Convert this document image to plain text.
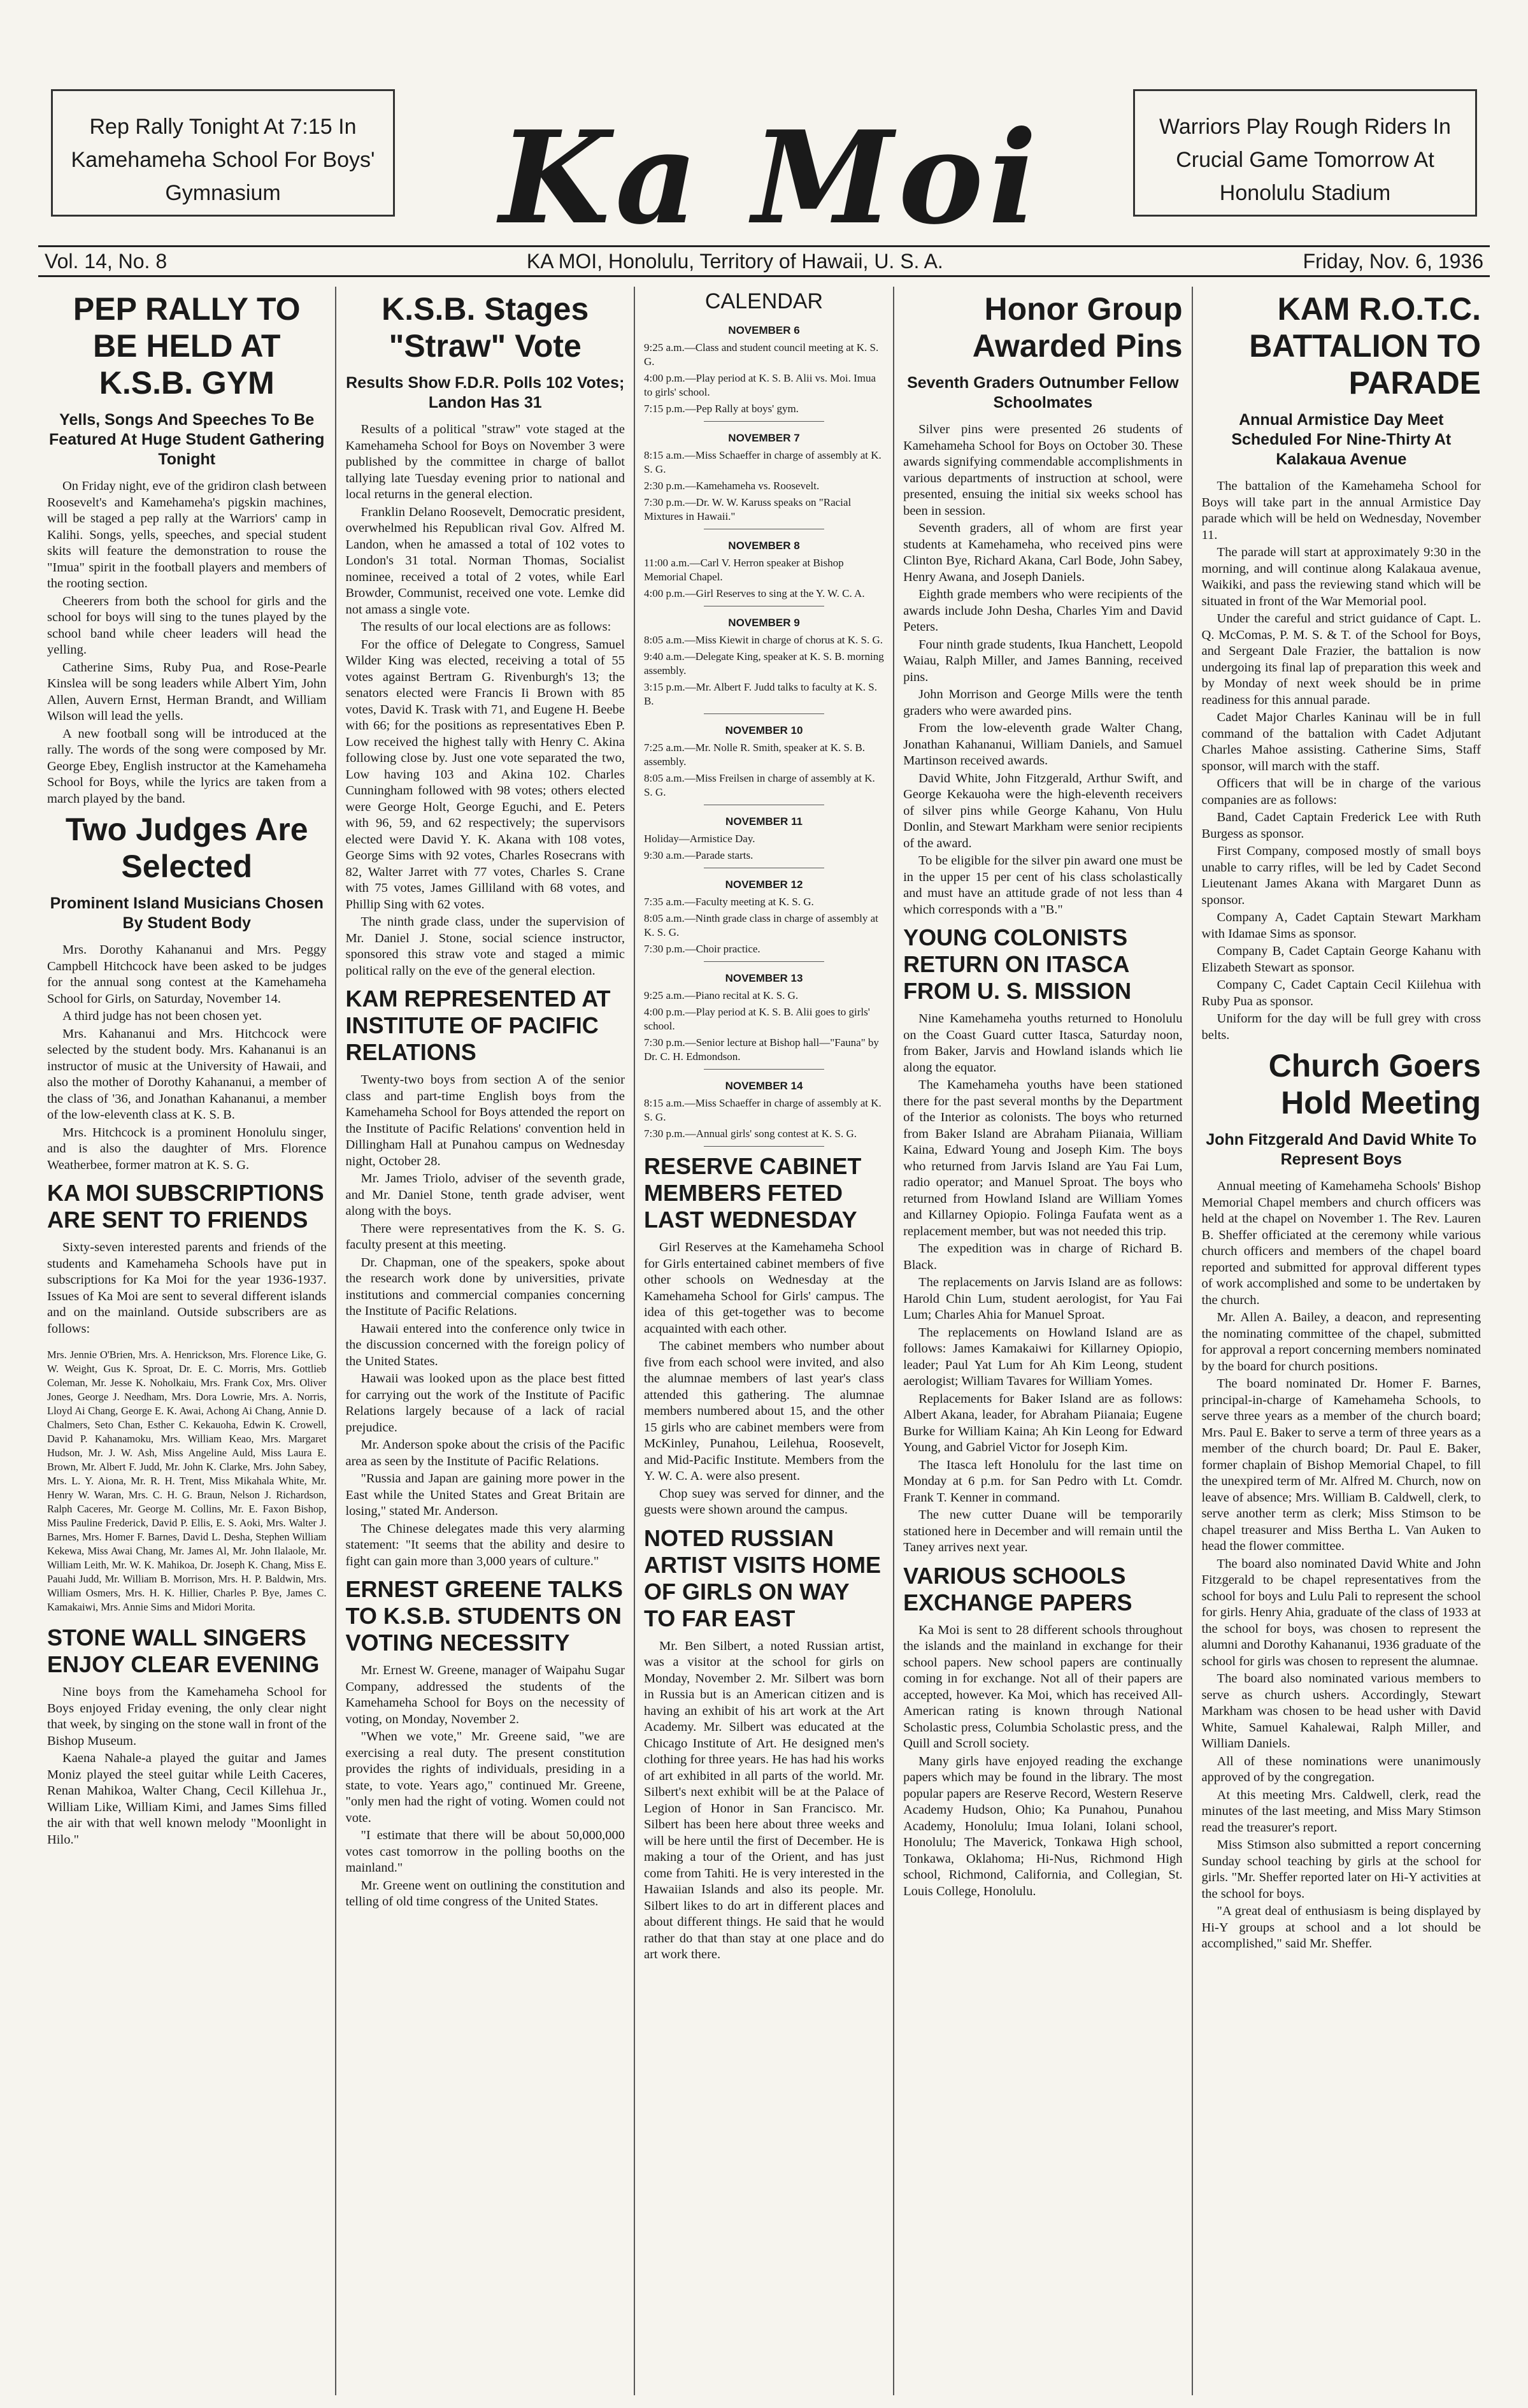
Rep Rally Tonight At 7:15 In Kamehameha School For Boys' Gymnasium	Ka Moi	Warriors Play Rough Riders In Crucial Game Tomorrow At Honolulu Stadium
Vol. 14, No. 8	KA MOI, Honolulu, Territory of Hawaii, U. S. A.	Friday, Nov. 6, 1936
PEP RALLY TO BE HELD AT K.S.B. GYM
Yells, Songs And Speeches To Be Featured At Huge Student Gathering Tonight

On Friday night, eve of the gridiron clash between Roosevelt's and Kamehameha's pigskin machines, will be staged a pep rally at the Warriors' camp in Kalihi. Songs, yells, speeches, and special student skits will feature the demonstration to rouse the "Imua" spirit in the football players and members of the rooting section.

Cheerers from both the school for girls and the school for boys will sing to the tunes played by the school band while cheer leaders will head the yelling.

Catherine Sims, Ruby Pua, and Rose-Pearle Kinslea will be song leaders while Albert Yim, John Allen, Auvern Ernst, Herman Brandt, and William Wilson will lead the yells.

A new football song will be introduced at the rally. The words of the song were composed by Mr. George Ebey, English instructor at the Kamehameha School for Boys, while the lyrics are taken from a march played by the band.

Two Judges Are Selected
Prominent Island Musicians Chosen By Student Body

Mrs. Dorothy Kahananui and Mrs. Peggy Campbell Hitchcock have been asked to be judges for the annual song contest at the Kamehameha School for Girls, on Saturday, November 14.

A third judge has not been chosen yet.

Mrs. Kahananui and Mrs. Hitchcock were selected by the student body. Mrs. Kahananui is an instructor of music at the University of Hawaii, and also the mother of Dorothy Kahananui, a member of the class of '36, and Jonathan Kahananui, a member of the low-eleventh class at K. S. B.

Mrs. Hitchcock is a prominent Honolulu singer, and is also the daughter of Mrs. Florence Weatherbee, former matron at K. S. G.

KA MOI SUBSCRIPTIONS ARE SENT TO FRIENDS

Sixty-seven interested parents and friends of the students and Kamehameha Schools have put in subscriptions for Ka Moi for the year 1936-1937. Issues of Ka Moi are sent to several different islands and on the mainland. Outside subscribers are as follows:

Mrs. Jennie O'Brien, Mrs. A. Henrickson, Mrs. Florence Like, G. W. Weight, Gus K. Sproat, Dr. E. C. Morris, Mrs. Gottlieb Coleman, Mr. Jesse K. Noholkaiu, Mrs. Frank Cox, Mrs. Oliver Jones, George J. Needham, Mrs. Dora Lowrie, Mrs. A. Norris, Lloyd Ai Chang, George E. K. Awai, Achong Ai Chang, Annie D. Chalmers, Seto Chan, Esther C. Kekauoha, Edwin K. Crowell, David P. Kahanamoku, Mrs. William Keao, Mrs. Margaret Hudson, Mr. J. W. Ash, Miss Angeline Auld, Miss Laura E. Brown, Mr. Albert F. Judd, Mr. John K. Clarke, Mrs. John Sabey, Mrs. L. Y. Aiona, Mr. R. H. Trent, Miss Mikahala White, Mr. Henry W. Waran, Mrs. C. H. G. Braun, Nelson J. Richardson, Ralph Caceres, Mr. George M. Collins, Mr. E. Faxon Bishop, Miss Pauline Frederick, David P. Ellis, E. S. Aoki, Mrs. Walter J. Barnes, Mrs. Homer F. Barnes, David L. Desha, Stephen William Kekewa, Miss Awai Chang, Mr. James Al, Mr. John Ilalaole, Mr. William Leith, Mr. W. K. Mahikoa, Dr. Joseph K. Chang, Miss E. Pauahi Judd, Mr. William B. Morrison, Mrs. H. P. Baldwin, Mrs. William Osmers, Mrs. H. K. Hillier, Charles P. Bye, James C. Kamakaiwi, Mrs. Annie Sims and Midori Morita.

STONE WALL SINGERS ENJOY CLEAR EVENING

Nine boys from the Kamehameha School for Boys enjoyed Friday evening, the only clear night that week, by singing on the stone wall in front of the Bishop Museum.

Kaena Nahale-a played the guitar and James Moniz played the steel guitar while Leith Caceres, Renan Mahikoa, Walter Chang, Cecil Killehua Jr., William Like, William Kimi, and James Sims filled the air with that well known melody "Moonlight in Hilo."

K.S.B. Stages "Straw" Vote
Results Show F.D.R. Polls 102 Votes; Landon Has 31

Results of a political "straw" vote staged at the Kamehameha School for Boys on November 3 were published by the committee in charge of ballot tallying late Tuesday evening prior to national and local returns in the general election.

Franklin Delano Roosevelt, Democratic president, overwhelmed his Republican rival Gov. Alfred M. Landon, when he amassed a total of 102 votes to London's 31 total. Norman Thomas, Socialist nominee, received a total of 2 votes, while Earl Browder, Communist, received one vote. Lemke did not amass a single vote.

The results of our local elections are as follows:

For the office of Delegate to Congress, Samuel Wilder King was elected, receiving a total of 55 votes against Bertram G. Rivenburgh's 13; the senators elected were Francis Ii Brown with 85 votes, David K. Trask with 71, and Eugene H. Beebe with 66; for the positions as representatives Eben P. Low received the highest tally with Henry C. Akina following close by. Just one vote separated the two, Low having 103 and Akina 102. Charles Cunningham followed with 98 votes; others elected were George Holt, George Eguchi, and E. Peters with 96, 59, and 62 respectively; the supervisors elected were David Y. K. Akana with 108 votes, George Sims with 92 votes, Charles Rosecrans with 82, Walter Jarret with 77 votes, Charles S. Crane with 75 votes, James Gilliland with 68 votes, and Phillip Sing with 62 votes.

The ninth grade class, under the supervision of Mr. Daniel J. Stone, social science instructor, sponsored this straw vote and staged a mimic political rally on the eve of the general election.

KAM REPRESENTED AT INSTITUTE OF PACIFIC RELATIONS

Twenty-two boys from section A of the senior class and part-time English boys from the Kamehameha School for Boys attended the report on the Institute of Pacific Relations' convention held in Dillingham Hall at Punahou campus on Wednesday night, October 28.

Mr. James Triolo, adviser of the seventh grade, and Mr. Daniel Stone, tenth grade adviser, went along with the boys.

There were representatives from the K. S. G. faculty present at this meeting.

Dr. Chapman, one of the speakers, spoke about the research work done by universities, private institutions and commercial companies concerning the Institute of Pacific Relations.

Hawaii entered into the conference only twice in the discussion concerned with the foreign policy of the United States.

Hawaii was looked upon as the place best fitted for carrying out the work of the Institute of Pacific Relations largely because of a lack of racial prejudice.

Mr. Anderson spoke about the crisis of the Pacific area as seen by the Institute of Pacific Relations.

"Russia and Japan are gaining more power in the East while the United States and Great Britain are losing," stated Mr. Anderson.

The Chinese delegates made this very alarming statement: "It seems that the ability and desire to fight can gain more than 3,000 years of culture."

ERNEST GREENE TALKS TO K.S.B. STUDENTS ON VOTING NECESSITY

Mr. Ernest W. Greene, manager of Waipahu Sugar Company, addressed the students of the Kamehameha School for Boys on the necessity of voting, on Monday, November 2.

"When we vote," Mr. Greene said, "we are exercising a real duty. The present constitution provides the rights of individuals, presiding in a state, to vote. Years ago," continued Mr. Greene, "only men had the right of voting. Women could not vote.

"I estimate that there will be about 50,000,000 votes cast tomorrow in the polling booths on the mainland."

Mr. Greene went on outlining the constitution and telling of old time congress of the United States.

CALENDAR
NOVEMBER 6
9:25 a.m.—Class and student council meeting at K. S. G.
4:00 p.m.—Play period at K. S. B. Alii vs. Moi. Imua to girls' school.
7:15 p.m.—Pep Rally at boys' gym.
NOVEMBER 7
8:15 a.m.—Miss Schaeffer in charge of assembly at K. S. G.
2:30 p.m.—Kamehameha vs. Roosevelt.
7:30 p.m.—Dr. W. W. Karuss speaks on "Racial Mixtures in Hawaii."
NOVEMBER 8
11:00 a.m.—Carl V. Herron speaker at Bishop Memorial Chapel.
4:00 p.m.—Girl Reserves to sing at the Y. W. C. A.
NOVEMBER 9
8:05 a.m.—Miss Kiewit in charge of chorus at K. S. G.
9:40 a.m.—Delegate King, speaker at K. S. B. morning assembly.
3:15 p.m.—Mr. Albert F. Judd talks to faculty at K. S. B.
NOVEMBER 10
7:25 a.m.—Mr. Nolle R. Smith, speaker at K. S. B. assembly.
8:05 a.m.—Miss Freilsen in charge of assembly at K. S. G.
NOVEMBER 11
Holiday—Armistice Day.
9:30 a.m.—Parade starts.
NOVEMBER 12
7:35 a.m.—Faculty meeting at K. S. G.
8:05 a.m.—Ninth grade class in charge of assembly at K. S. G.
7:30 p.m.—Choir practice.
NOVEMBER 13
9:25 a.m.—Piano recital at K. S. G.
4:00 p.m.—Play period at K. S. B. Alii goes to girls' school.
7:30 p.m.—Senior lecture at Bishop hall—"Fauna" by Dr. C. H. Edmondson.
NOVEMBER 14
8:15 a.m.—Miss Schaeffer in charge of assembly at K. S. G.
7:30 p.m.—Annual girls' song contest at K. S. G.
RESERVE CABINET MEMBERS FETED LAST WEDNESDAY

Girl Reserves at the Kamehameha School for Girls entertained cabinet members of five other schools on Wednesday at the Kamehameha School for Girls' campus. The idea of this get-together was to become acquainted with each other.

The cabinet members who number about five from each school were invited, and also the alumnae members of last year's class attended this gathering. The alumnae members numbered about 15, and the other 15 girls who are cabinet members were from McKinley, Punahou, Leilehua, Roosevelt, and Mid-Pacific Institute. Members from the Y. W. C. A. were also present.

Chop suey was served for dinner, and the guests were shown around the campus.

NOTED RUSSIAN ARTIST VISITS HOME OF GIRLS ON WAY TO FAR EAST

Mr. Ben Silbert, a noted Russian artist, was a visitor at the school for girls on Monday, November 2. Mr. Silbert was born in Russia but is an American citizen and is having an exhibit of his art work at the Art Academy. Mr. Silbert was educated at the Chicago Institute of Art. He designed men's clothing for three years. He has had his works of art exhibited in all parts of the world. Mr. Silbert's next exhibit will be at the Palace of Legion of Honor in San Francisco. Mr. Silbert has been here about three weeks and will be here until the first of December. He is making a tour of the Orient, and has just come from Tahiti. He is very interested in the Hawaiian Islands and also its people. Mr. Silbert likes to do art in different places and about different things. He said that he would rather do that than stay at one place and do art work there.

Honor Group Awarded Pins
Seventh Graders Outnumber Fellow Schoolmates

Silver pins were presented 26 students of Kamehameha School for Boys on October 30. These awards signifying commendable accomplishments in various departments of instruction at school, were presented, ensuing the initial six weeks school has been in session.

Seventh graders, all of whom are first year students at Kamehameha, who received pins were Clinton Bye, Richard Akana, Carl Bode, John Sabey, Henry Awana, and Joseph Daniels.

Eighth grade members who were recipients of the awards include John Desha, Charles Yim and David Peters.

Four ninth grade students, Ikua Hanchett, Leopold Waiau, Ralph Miller, and James Banning, received pins.

John Morrison and George Mills were the tenth graders who were awarded pins.

From the low-eleventh grade Walter Chang, Jonathan Kahananui, William Daniels, and Samuel Martinson received awards.

David White, John Fitzgerald, Arthur Swift, and George Kekauoha were the high-eleventh receivers of silver pins while George Kahanu, Von Hulu Donlin, and Stewart Markham were senior recipients of the award.

To be eligible for the silver pin award one must be in the upper 15 per cent of his class scholastically and must have an attitude grade of not less than 4 which corresponds with a "B."

YOUNG COLONISTS RETURN ON ITASCA FROM U. S. MISSION

Nine Kamehameha youths returned to Honolulu on the Coast Guard cutter Itasca, Saturday noon, from Baker, Jarvis and Howland islands which lie along the equator.

The Kamehameha youths have been stationed there for the past several months by the Department of the Interior as colonists. The boys who returned from Baker Island are Abraham Piianaia, William Kaina, Edward Young and Joseph Kim. The boys who returned from Jarvis Island are Yau Fai Lum, radio operator; and Manuel Sproat. The boys who returned from Howland Island are William Yomes and Killarney Opiopio. Folinga Faufata went as a replacement member, but was not needed this trip.

The expedition was in charge of Richard B. Black.

The replacements on Jarvis Island are as follows: Harold Chin Lum, student aerologist, for Yau Fai Lum; Charles Ahia for Manuel Sproat.

The replacements on Howland Island are as follows: James Kamakaiwi for Killarney Opiopio, leader; Paul Yat Lum for Ah Kim Leong, student aerologist; William Tavares for William Yomes.

Replacements for Baker Island are as follows: Albert Akana, leader, for Abraham Piianaia; Eugene Burke for William Kaina; Ah Kin Leong for Edward Young, and Gabriel Victor for Joseph Kim.

The Itasca left Honolulu for the last time on Monday at 6 p.m. for San Pedro with Lt. Comdr. Frank T. Kenner in command.

The new cutter Duane will be temporarily stationed here in December and will remain until the Taney arrives next year.

VARIOUS SCHOOLS EXCHANGE PAPERS

Ka Moi is sent to 28 different schools throughout the islands and the mainland in exchange for their school papers. New school papers are continually coming in for exchange. Not all of their papers are accepted, however. Ka Moi, which has received All-American rating is known through National Scholastic press, Columbia Scholastic press, and the Quill and Scroll society.

Many girls have enjoyed reading the exchange papers which may be found in the library. The most popular papers are Reserve Record, Western Reserve Academy Hudson, Ohio; Ka Punahou, Punahou Academy, Honolulu; Imua Iolani, Iolani school, Honolulu; The Maverick, Tonkawa High school, Tonkawa, Oklahoma; Hi-Nus, Richmond High school, Richmond, California, and Collegian, St. Louis College, Honolulu.

KAM R.O.T.C. BATTALION TO PARADE
Annual Armistice Day Meet Scheduled For Nine-Thirty At Kalakaua Avenue

The battalion of the Kamehameha School for Boys will take part in the annual Armistice Day parade which will be held on Wednesday, November 11.

The parade will start at approximately 9:30 in the morning, and will continue along Kalakaua avenue, Waikiki, and pass the reviewing stand which will be situated in front of the War Memorial pool.

Under the careful and strict guidance of Capt. L. Q. McComas, P. M. S. & T. of the School for Boys, and Sergeant Dale Frazier, the battalion is now undergoing its final lap of preparation this week and by Monday of next week should be in prime readiness for this annual parade.

Cadet Major Charles Kaninau will be in full command of the battalion with Cadet Adjutant Charles Mahoe assisting. Catherine Sims, Staff sponsor, will march with the staff.

Officers that will be in charge of the various companies are as follows:

Band, Cadet Captain Frederick Lee with Ruth Burgess as sponsor.

First Company, composed mostly of small boys unable to carry rifles, will be led by Cadet Second Lieutenant James Akana with Margaret Dunn as sponsor.

Company A, Cadet Captain Stewart Markham with Idamae Sims as sponsor.

Company B, Cadet Captain George Kahanu with Elizabeth Stewart as sponsor.

Company C, Cadet Captain Cecil Kiilehua with Ruby Pua as sponsor.

Uniform for the day will be full grey with cross belts.

Church Goers Hold Meeting
John Fitzgerald And David White To Represent Boys

Annual meeting of Kamehameha Schools' Bishop Memorial Chapel members and church officers was held at the chapel on November 1. The Rev. Lauren B. Sheffer officiated at the ceremony while various church officers and members of the chapel board reported and submitted for approval different types of work accomplished and some to be undertaken by the church.

Mr. Allen A. Bailey, a deacon, and representing the nominating committee of the chapel, submitted for approval a report concerning members nominated by the board for church positions.

The board nominated Dr. Homer F. Barnes, principal-in-charge of Kamehameha Schools, to serve three years as a member of the church board; Mrs. Paul E. Baker to serve a term of three years as a member of the church board; Dr. Paul E. Baker, former chaplain of Bishop Memorial Chapel, to fill the unexpired term of Mr. Alfred M. Church, now on leave of absence; Mrs. William B. Caldwell, clerk, to serve another term as clerk; Miss Stimson to be chapel treasurer and Miss Bertha L. Van Auken to head the flower committee.

The board also nominated David White and John Fitzgerald to be chapel representatives from the school for boys and Lulu Pali to represent the school for girls. Henry Ahia, graduate of the class of 1933 at the school for boys, was chosen to represent the alumni and Dorothy Kahananui, 1936 graduate of the school for girls was chosen to represent the alumnae.

The board also nominated various members to serve as church ushers. Accordingly, Stewart Markham was chosen to be head usher with David White, Samuel Kahalewai, Ralph Miller, and William Daniels.

All of these nominations were unanimously approved of by the congregation.

At this meeting Mrs. Caldwell, clerk, read the minutes of the last meeting, and Miss Mary Stimson read the treasurer's report.

Miss Stimson also submitted a report concerning Sunday school teaching by girls at the school for girls. "Mr. Sheffer reported later on Hi-Y activities at the school for boys.

"A great deal of enthusiasm is being displayed by Hi-Y groups at school and a lot should be accomplished," said Mr. Sheffer.
